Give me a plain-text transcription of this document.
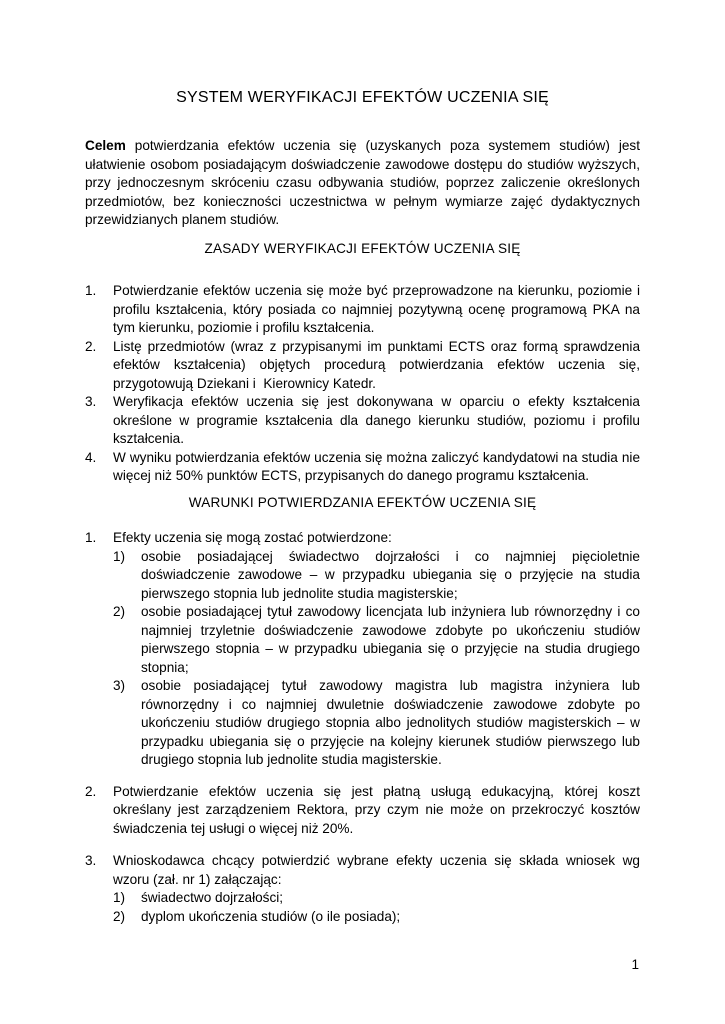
SYSTEM WERYFIKACJI EFEKTÓW UCZENIA SIĘ

Celem potwierdzania efektów uczenia się (uzyskanych poza systemem studiów) jest ułatwienie osobom posiadającym doświadczenie zawodowe dostępu do studiów wyższych, przy jednoczesnym skróceniu czasu odbywania studiów, poprzez zaliczenie określonych przedmiotów, bez konieczności uczestnictwa w pełnym wymiarze zajęć dydaktycznych przewidzianych planem studiów.

ZASADY WERYFIKACJI EFEKTÓW UCZENIA SIĘ
1.	Potwierdzanie efektów uczenia się może być przeprowadzone na kierunku, poziomie i profilu kształcenia, który posiada co najmniej pozytywną ocenę programową PKA na tym kierunku, poziomie i profilu kształcenia.
2.	Listę przedmiotów (wraz z przypisanymi im punktami ECTS oraz formą sprawdzenia efektów kształcenia) objętych procedurą potwierdzania efektów uczenia się, przygotowują Dziekani i  Kierownicy Katedr.
3.	Weryfikacja efektów uczenia się jest dokonywana w oparciu o efekty kształcenia określone w programie kształcenia dla danego kierunku studiów, poziomu i profilu kształcenia.
4.	W wyniku potwierdzania efektów uczenia się można zaliczyć kandydatowi na studia nie więcej niż 50% punktów ECTS, przypisanych do danego programu kształcenia.
WARUNKI POTWIERDZANIA EFEKTÓW UCZENIA SIĘ
1.	Efekty uczenia się mogą zostać potwierdzone:
1)	osobie posiadającej świadectwo dojrzałości i co najmniej pięcioletnie doświadczenie zawodowe – w przypadku ubiegania się o przyjęcie na studia pierwszego stopnia lub jednolite studia magisterskie;
2)	osobie posiadającej tytuł zawodowy licencjata lub inżyniera lub równorzędny i co najmniej trzyletnie doświadczenie zawodowe zdobyte po ukończeniu studiów pierwszego stopnia – w przypadku ubiegania się o przyjęcie na studia drugiego stopnia;
3)	osobie posiadającej tytuł zawodowy magistra lub magistra inżyniera lub równorzędny i co najmniej dwuletnie doświadczenie zawodowe zdobyte po ukończeniu studiów drugiego stopnia albo jednolitych studiów magisterskich – w przypadku ubiegania się o przyjęcie na kolejny kierunek studiów pierwszego lub drugiego stopnia lub jednolite studia magisterskie.
2.	Potwierdzanie efektów uczenia się jest płatną usługą edukacyjną, której koszt określany jest zarządzeniem Rektora, przy czym nie może on przekroczyć kosztów świadczenia tej usługi o więcej niż 20%.
3.	Wnioskodawca chcący potwierdzić wybrane efekty uczenia się składa wniosek wg wzoru (zał. nr 1) załączając:
1)	świadectwo dojrzałości;
2)	dyplom ukończenia studiów (o ile posiada);
1
